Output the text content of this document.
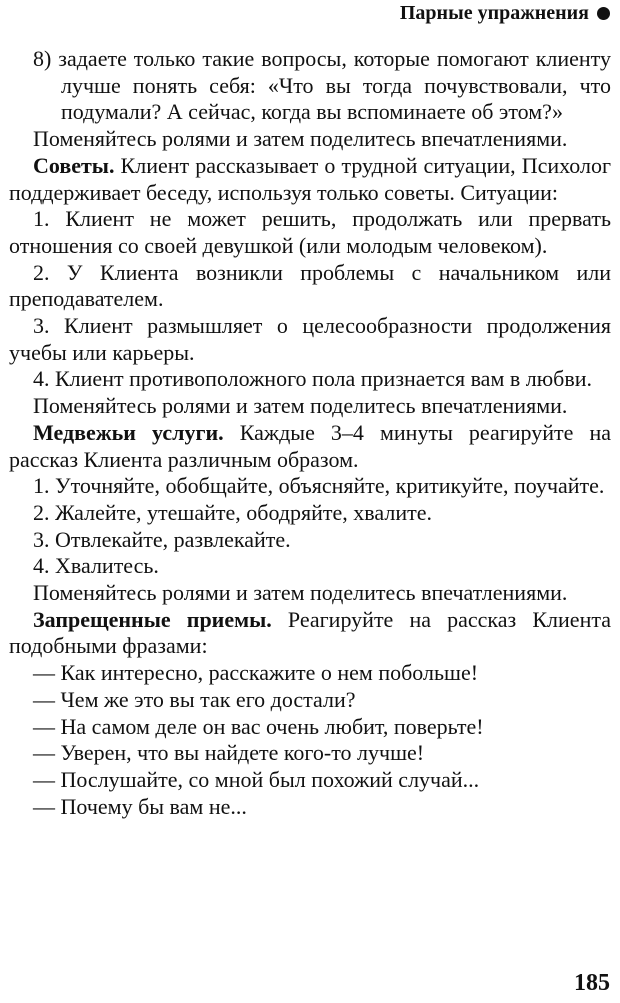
Парные упражнения

8) задаете только такие вопросы, которые помогают клиенту лучше понять себя: «Что вы тогда почувствовали, что подумали? А сейчас, когда вы вспоминаете об этом?»

Поменяйтесь ролями и затем поделитесь впечатлениями.

Советы. Клиент рассказывает о трудной ситуации, Психолог поддерживает беседу, используя только советы. Ситуации:

1. Клиент не может решить, продолжать или прервать отношения со своей девушкой (или молодым человеком).

2. У Клиента возникли проблемы с начальником или преподавателем.

3. Клиент размышляет о целесообразности продолжения учебы или карьеры.

4. Клиент противоположного пола признается вам в любви.

Поменяйтесь ролями и затем поделитесь впечатлениями.

Медвежьи услуги. Каждые 3–4 минуты реагируйте на рассказ Клиента различным образом.

1. Уточняйте, обобщайте, объясняйте, критикуйте, поучайте.

2. Жалейте, утешайте, ободряйте, хвалите.

3. Отвлекайте, развлекайте.

4. Хвалитесь.

Поменяйтесь ролями и затем поделитесь впечатлениями.

Запрещенные приемы. Реагируйте на рассказ Клиента подобными фразами:

— Как интересно, расскажите о нем побольше!

— Чем же это вы так его достали?

— На самом деле он вас очень любит, поверьте!

— Уверен, что вы найдете кого-то лучше!

— Послушайте, со мной был похожий случай...

— Почему бы вам не...

185
